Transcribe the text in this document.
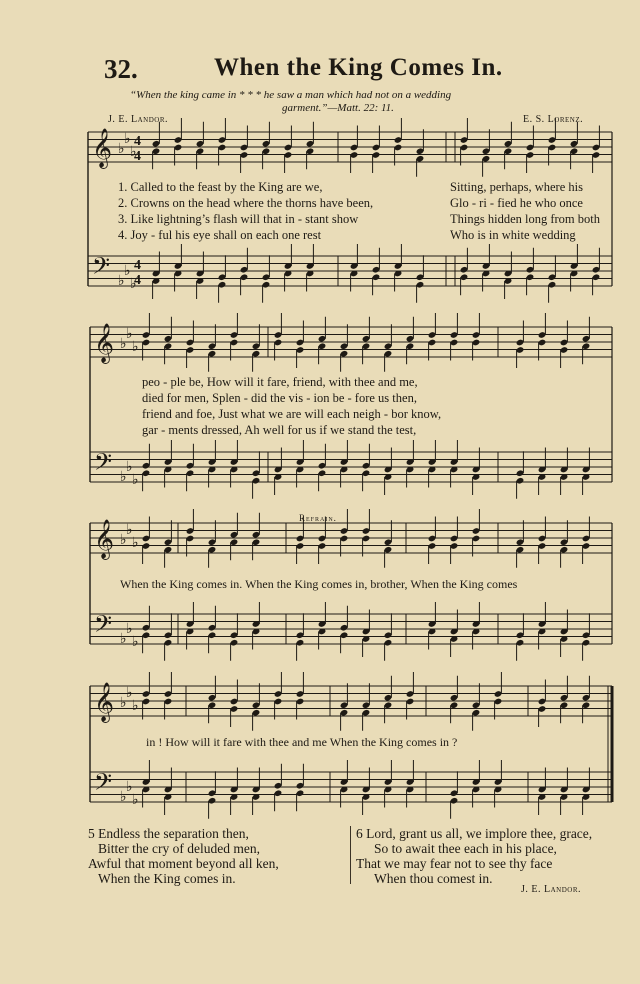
32.	When the King Comes In.
“When the king came in * * * he saw a man which had not on a wedding
garment.”—Matt. 22: 11.
J. E. Landor.	E. S. Lorenz.
𝄞
𝄢
♭
♭
♭
♭
♭
♭
4
4
4
4
𝄞
𝄢
♭
♭
♭
♭
♭
♭
𝄞
𝄢
♭
♭
♭
♭
♭
♭
𝄞
𝄢
♭
♭
♭
♭
♭
♭
1. Called to the feast by the King are we,
2. Crowns on the head where the thorns have been,
3. Like lightning’s flash will that in - stant show
4. Joy - ful his eye shall on each one rest
Sitting, perhaps, where his
Glo - ri - fied he who once
Things hidden long from both
Who is in white wedding
peo - ple be, How will it fare, friend, with thee and me,
died for men, Splen - did the vis - ion be - fore us then,
friend and foe, Just what we are will each neigh - bor know,
gar - ments dressed, Ah well for us if we stand the test,
Refrain.
When the King comes in. When the King comes in, brother, When the King comes
in ! How will it fare with thee and me When the King comes in ?
5 Endless the separation then,
Bitter the cry of deluded men,
Awful that moment beyond all ken,
When the King comes in.
6 Lord, grant us all, we implore thee, grace,
So to await thee each in his place,
That we may fear not to see thy face
When thou comest in.
J. E. Landor.
